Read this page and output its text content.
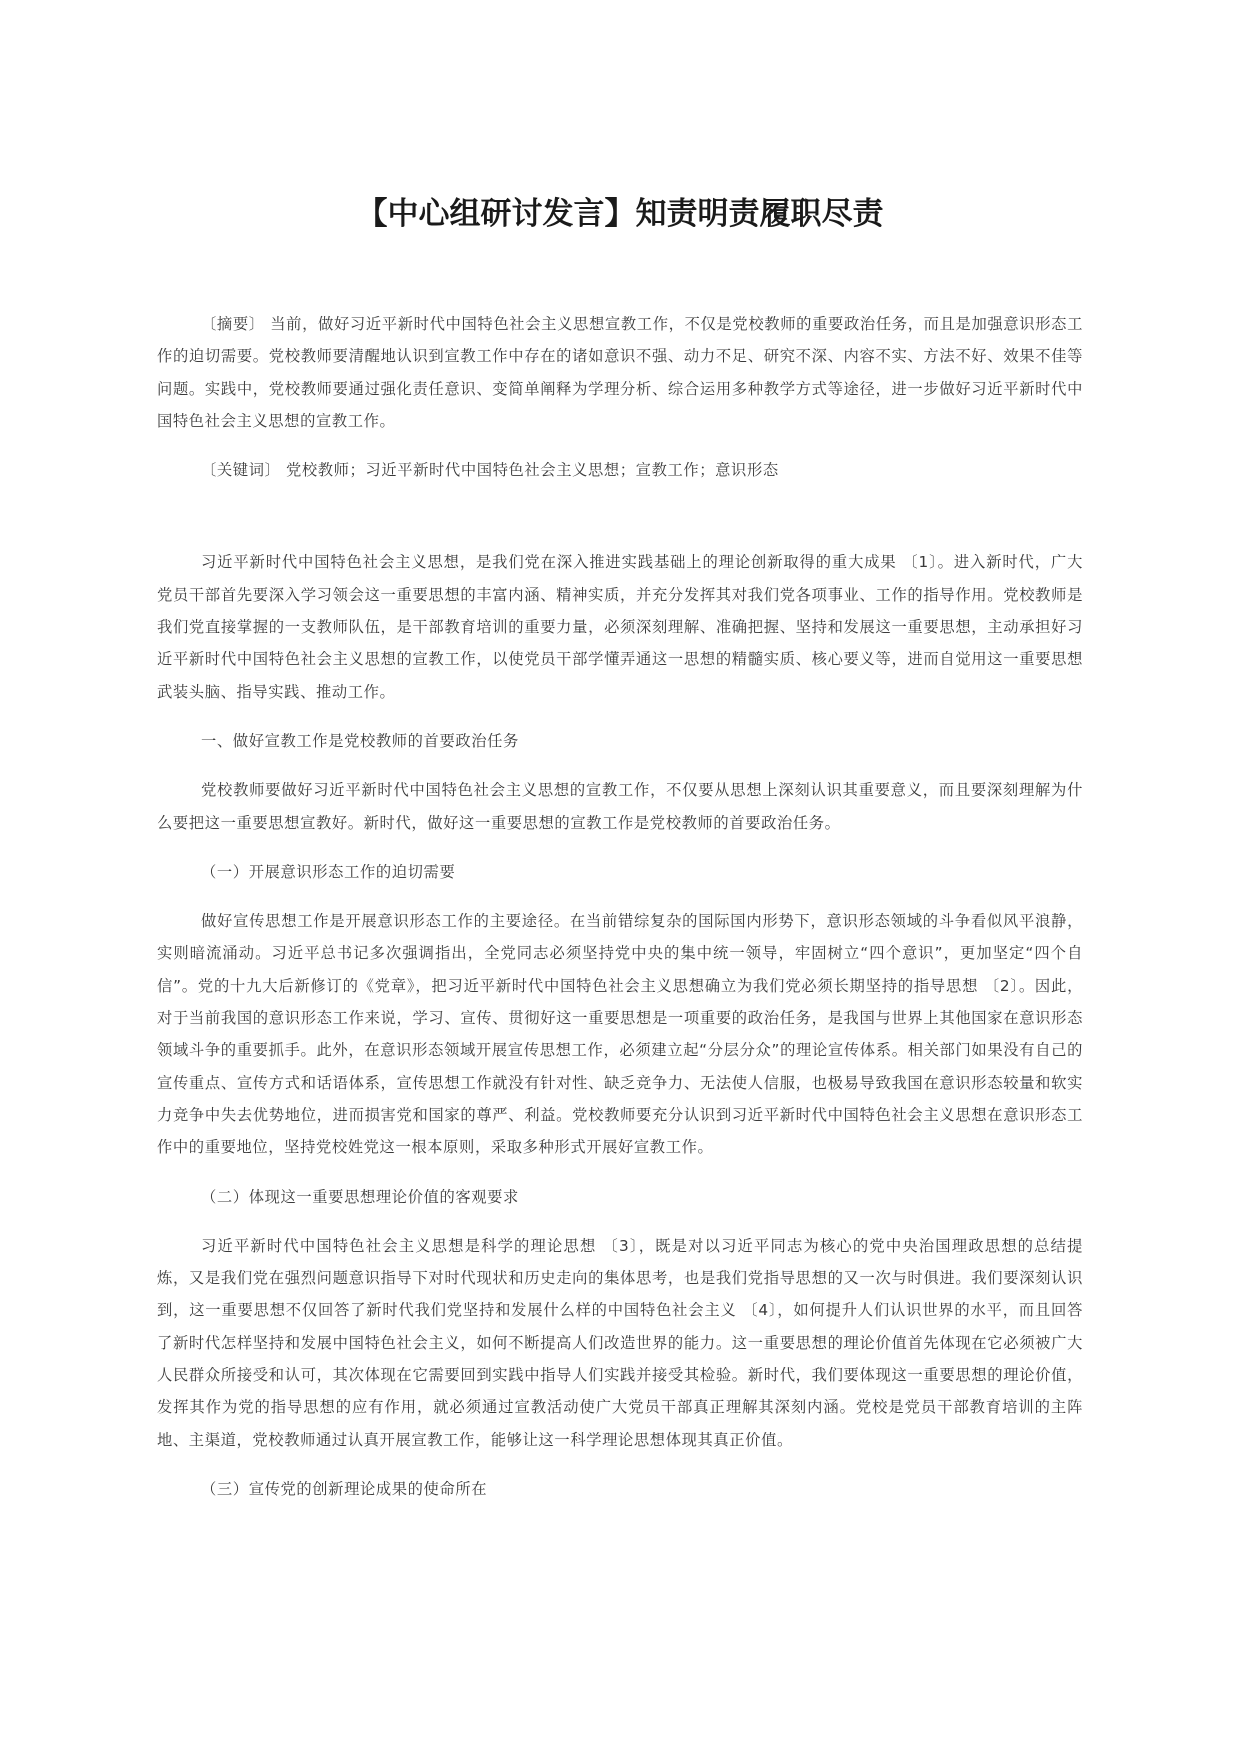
【中心组研讨发言】知责明责履职尽责

〔摘要〕 当前，做好习近平新时代中国特色社会主义思想宣教工作，不仅是党校教师的重要政治任务，而且是加强意识形态工作的迫切需要。党校教师要清醒地认识到宣教工作中存在的诸如意识不强、动力不足、研究不深、内容不实、方法不好、效果不佳等问题。实践中，党校教师要通过强化责任意识、变简单阐释为学理分析、综合运用多种教学方式等途径，进一步做好习近平新时代中国特色社会主义思想的宣教工作。

〔关键词〕 党校教师；习近平新时代中国特色社会主义思想；宣教工作；意识形态

习近平新时代中国特色社会主义思想，是我们党在深入推进实践基础上的理论创新取得的重大成果 〔1〕。进入新时代，广大党员干部首先要深入学习领会这一重要思想的丰富内涵、精神实质，并充分发挥其对我们党各项事业、工作的指导作用。党校教师是我们党直接掌握的一支教师队伍，是干部教育培训的重要力量，必须深刻理解、准确把握、坚持和发展这一重要思想，主动承担好习近平新时代中国特色社会主义思想的宣教工作，以使党员干部学懂弄通这一思想的精髓实质、核心要义等，进而自觉用这一重要思想武装头脑、指导实践、推动工作。

一、做好宣教工作是党校教师的首要政治任务

党校教师要做好习近平新时代中国特色社会主义思想的宣教工作，不仅要从思想上深刻认识其重要意义，而且要深刻理解为什么要把这一重要思想宣教好。新时代，做好这一重要思想的宣教工作是党校教师的首要政治任务。

（一）开展意识形态工作的迫切需要

做好宣传思想工作是开展意识形态工作的主要途径。在当前错综复杂的国际国内形势下，意识形态领域的斗争看似风平浪静，实则暗流涌动。习近平总书记多次强调指出，全党同志必须坚持党中央的集中统一领导，牢固树立“四个意识”，更加坚定“四个自信”。党的十九大后新修订的《党章》，把习近平新时代中国特色社会主义思想确立为我们党必须长期坚持的指导思想 〔2〕。因此，对于当前我国的意识形态工作来说，学习、宣传、贯彻好这一重要思想是一项重要的政治任务，是我国与世界上其他国家在意识形态领域斗争的重要抓手。此外，在意识形态领域开展宣传思想工作，必须建立起“分层分众”的理论宣传体系。相关部门如果没有自己的宣传重点、宣传方式和话语体系，宣传思想工作就没有针对性、缺乏竞争力、无法使人信服，也极易导致我国在意识形态较量和软实力竞争中失去优势地位，进而损害党和国家的尊严、利益。党校教师要充分认识到习近平新时代中国特色社会主义思想在意识形态工作中的重要地位，坚持党校姓党这一根本原则，采取多种形式开展好宣教工作。

（二）体现这一重要思想理论价值的客观要求

习近平新时代中国特色社会主义思想是科学的理论思想 〔3〕，既是对以习近平同志为核心的党中央治国理政思想的总结提炼，又是我们党在强烈问题意识指导下对时代现状和历史走向的集体思考，也是我们党指导思想的又一次与时俱进。我们要深刻认识到，这一重要思想不仅回答了新时代我们党坚持和发展什么样的中国特色社会主义 〔4〕，如何提升人们认识世界的水平，而且回答了新时代怎样坚持和发展中国特色社会主义，如何不断提高人们改造世界的能力。这一重要思想的理论价值首先体现在它必须被广大人民群众所接受和认可，其次体现在它需要回到实践中指导人们实践并接受其检验。新时代，我们要体现这一重要思想的理论价值，发挥其作为党的指导思想的应有作用，就必须通过宣教活动使广大党员干部真正理解其深刻内涵。党校是党员干部教育培训的主阵地、主渠道，党校教师通过认真开展宣教工作，能够让这一科学理论思想体现其真正价值。

（三）宣传党的创新理论成果的使命所在
